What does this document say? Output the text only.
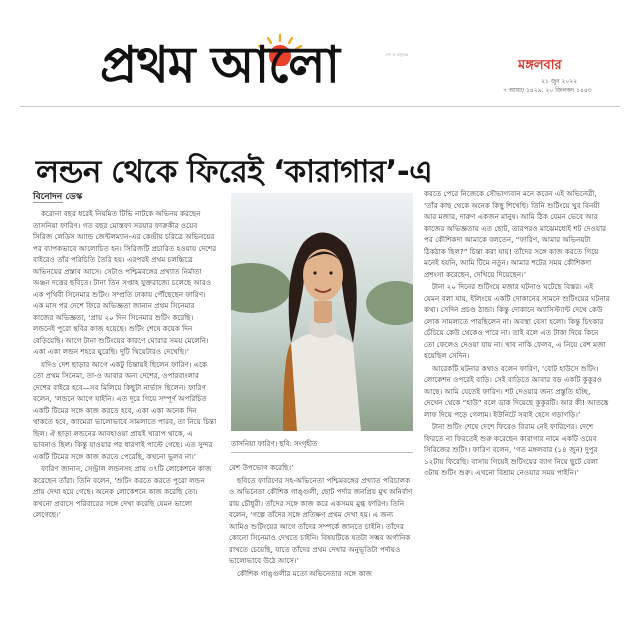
প্রথম আলো	দেশ ও মানুষের
মঙ্গলবার
২১ জুন ২০২২
৭ আষাঢ় ১৪২৯; ২০ জিলকদ ১৪৪৩
লন্ডন থেকে ফিরেই ‘কারাগার’-এ
বিনোদন ডেস্ক

করোনা বছর ধরেই নিয়মিত টিভি নাটকে অভিনয় করছেন তাসনিয়া ফারিণ। গত বছর মোস্তফা সরয়ার ফারুকীর ওয়েব সিরিজ লেডিস অ্যান্ড জেন্টলম্যান-এর কেন্দ্রীয় চরিত্রে অভিনয়ের পর ব্যাপকভাবে আলোচিত হন। সিরিজটি প্রচারিত হওয়ায় দেশের বাইরেও তাঁর পরিচিতি তৈরি হয়। এরপরই প্রথম চলচ্চিত্রে অভিনয়ের প্রস্তাব আসে। সেটাও পশ্চিমবঙ্গের প্রখ্যাত নির্মাতা অঞ্জন দত্তের ছবিতে। টানা তিন সপ্তাহ যুক্তরাজ্যে চলেছে আরও এক পৃথিবী সিনেমার শুটিং। সম্প্রতি ঢাকায় পৌঁছেছেন ফারিণ। এক মাস পর দেশে ফিরে অভিজ্ঞতা জানান প্রথম সিনেমার কাজের অভিজ্ঞতা, ‘প্রায় ২০ দিন সিনেমার শুটিং করেছি। লন্ডনেই পুরো ছবির কাজ হয়েছে। শুটিং শেষে কয়েক দিন বেড়িয়েছি। আগে টানা শুটিংয়ের কারণে ঘোরার সময় মেলেনি। একা একা লন্ডন শহরে ঘুরেছি। দুটি থিয়েটারও দেখেছি।’

যদিও দেশ ছাড়ার আগে একটু চিন্তায়ই ছিলেন ফারিণ। একে তো প্রথম সিনেমা, তা-ও আবার অন্য দেশের, ওপারবাংলার দেশের বাইরে হবে—সব মিলিয়ে কিছুটা নার্ভাস ছিলেন। ফারিণ বলেন, ‘লন্ডনে আগে যাইনি। এত দূরে গিয়ে সম্পূর্ণ অপরিচিত একটি টিমের সঙ্গে কাজ করতে হবে, একা একা অনেক দিন থাকতে হবে, ক্যামেরা ভালোভাবে সামলাতে পারব, তা নিয়ে চিন্তা ছিল। ঐ ছাড়া লন্ডনের আবহাওয়া প্রায়ই খারাপ থাকে, এ ভাবনাও ছিল। কিন্তু যাওয়ার পর ধারণাই পাল্টে গেছে। এত সুন্দর একটি টিমের সঙ্গে কাজ করতে পেরেছি, কখনো ভুলব না।’

ফারিণ জানান, সেন্ট্রাল লন্ডনসহ প্রায় ৩৭টি লোকেশনে কাজ করেছেন তাঁরা। তিনি বলেন, ‘শুটিং করতে করতে পুরো লন্ডন প্রায় দেখা হয়ে গেছে। অনেক লোকেশনে কাজ করেছি তো। কখনো প্রবাসে পরিবারের সঙ্গে দেখা করেছি যেমন ভালো লেগেছে।’

তাসনিয়া ফারিণ। ছবি: সংগৃহীত

বেশ উপভোগ করেছি।’

ছবিতে ফারিণের সহ-অভিনেতা পশ্চিমবঙ্গের প্রখ্যাত পরিচালক ও অভিনেতা কৌশিক গাঙ্গুলী, ছোট পর্দার জনপ্রিয় মুখ অনির্বাণ রায় চৌধুরী। তাঁদের সঙ্গে কাজ করে একসময় মুগ্ধ ফারিণ। তিনি বলেন, ‘গল্পে তাঁদের সঙ্গে প্রতিক্ষণ প্রথম দেখা হয়। এ জন্য আমিও শুটিংয়ের আগে তাঁদের সম্পর্কে জানতে চাইনি। তাঁদের কোনো সিনেমাও দেখতে চাইনি। বিষয়টিকে যতটা সম্ভব অর্গানিক রাখতে চেয়েছি, যাতে তাঁদের প্রথম দেখার অনুভূতিটা পর্দায়ও ভালোভাবে উঠে আসে।’

কৌশিক গাঙ্গুলীর মতো অভিনেতার সঙ্গে কাজ

করতে পেরে নিজেকে সৌভাগ্যবান মনে করেন এই অভিনেত্রী, ‘তাঁর কাছ থেকে অনেক কিছু শিখেছি। তিনি শুটিংয়ে খুব বিনয়ী আর মজার, দারুণ একজন মানুষ। আমি ঠিক যেমন ভেবে আর কাজের অভিজ্ঞতায় এত ছোট, তারপরও মাঝেমধ্যেই শট দেওয়ার পর কৌশিকদা আমাকে বলতেন, “ফারিণ, আমার অভিনয়টা ঠিকঠাক ছিল?” চিন্তা করা যায়! তাঁদের সঙ্গে কাজ করতে গিয়ে মনেই হয়নি, আমি টিমে নতুন। আমার শটের সময় কৌশিকদা প্রশংসা করেছেন, দেখিয়ে দিয়েছেন।’

টানা ২০ দিনের শুটিংয়ে মজার ঘটনাও ঘটেছে বিস্তর। এই যেমন বলা যায়, ইলিংয়ে একটি দোকানের সামনে শুটিংয়ের ঘটনার কথা। সেদিন প্রচণ্ড ঠান্ডা। কিন্তু দোকানে অ্যাসিস্ট্যান্ট দেখে কেউ লোক সামলাতে পারছিলেন না। অবস্থা বেসা হলো। কিন্তু চিৎকার চেঁচিয়ে কেউ থেকেও পারে না। তাই বলে এত টাকা দিয়ে কিনে তো ফেলেও দেওয়া যায় না। খাব নাকি ফেলব, এ নিয়ে বেশ মজা হয়েছিল সেদিন।

আরেকটি ঘটনার কথাও বলেন ফারিণ, ‘বোট হাউসে শুটিং। লোকেশন ওপরেই বাড়ি। সেই বাড়িতে আবার বড় একটি কুকুরও আছে। আমি যেতেই ফারিণ। শট দেওয়ার জন্য প্রস্তুতি হচ্ছি, দেখেন থেকে “হাউ” বলে ডাক দিয়েছে কুকুরটি। আর কী! আতঙ্কে লাফ দিয়ে পড়ে গেলাম। ইউনিটে সবাই হেসে গড়াগড়ি।’

টানা শুটিং শেষে দেশে ফিরেও বিরাম নেই ফারিণের। দেশে ফিরতে না ফিরতেই শুরু করেছেন কারাগার নামে একটি ওয়েব সিরিজের শুটিং। ফারিণ বলেন, ‘গত মঙ্গলবার (১৪ জুন) দুপুর ১২টায় ফিরেছি। বাসায় গিয়েই শুটিংয়ের ব্যাগ নিয়ে ছুটে বেলা ৩টায় শুটিং শুরু। এখনো বিশ্রাম নেওয়ার সময় পাইনি।’
